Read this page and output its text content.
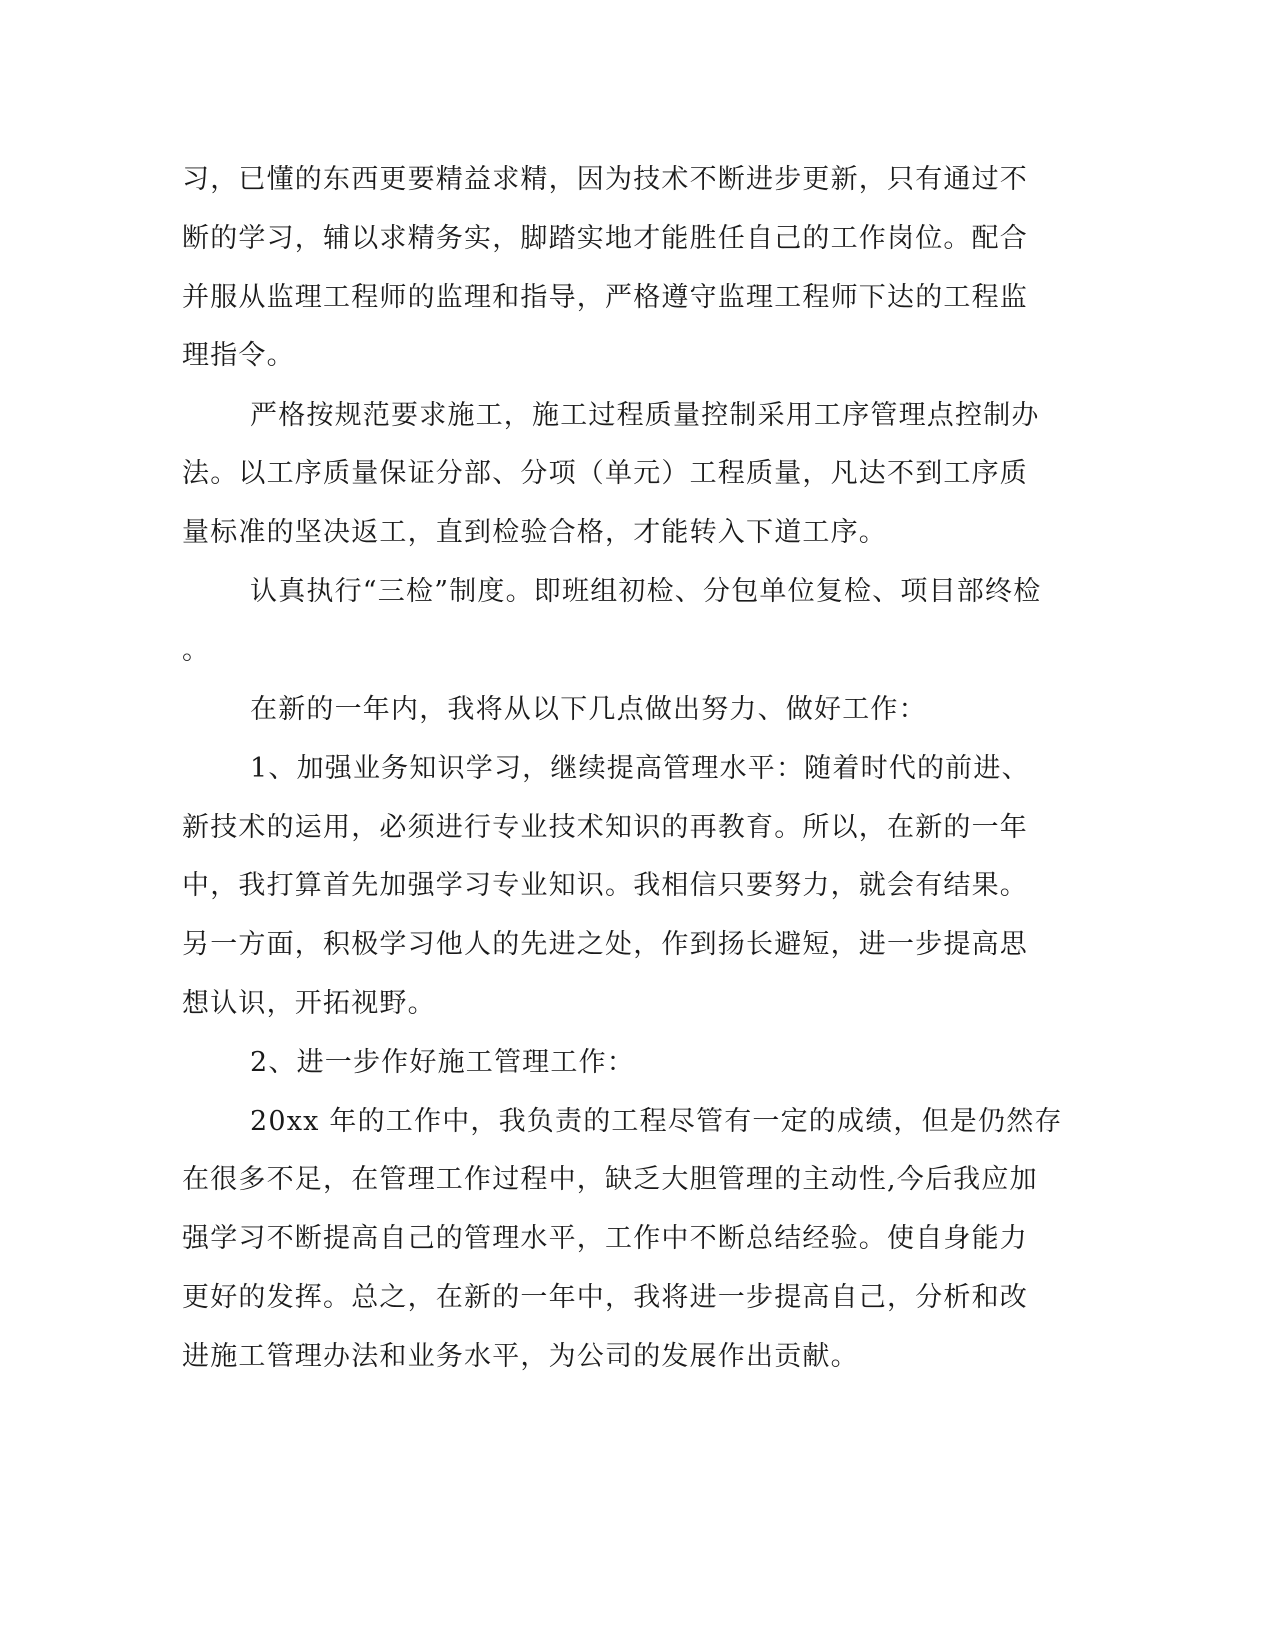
习，已懂的东西更要精益求精，因为技术不断进步更新，只有通过不
断的学习，辅以求精务实，脚踏实地才能胜任自己的工作岗位。配合
并服从监理工程师的监理和指导，严格遵守监理工程师下达的工程监
理指令。
严格按规范要求施工，施工过程质量控制采用工序管理点控制办
法。以工序质量保证分部、分项（单元）工程质量，凡达不到工序质
量标准的坚决返工，直到检验合格，才能转入下道工序。
认真执行“三检”制度。即班组初检、分包单位复检、项目部终检
。
在新的一年内，我将从以下几点做出努力、做好工作：
1、加强业务知识学习，继续提高管理水平：随着时代的前进、
新技术的运用，必须进行专业技术知识的再教育。所以，在新的一年
中，我打算首先加强学习专业知识。我相信只要努力，就会有结果。
另一方面，积极学习他人的先进之处，作到扬长避短，进一步提高思
想认识，开拓视野。
2、进一步作好施工管理工作：
20xx 年的工作中，我负责的工程尽管有一定的成绩，但是仍然存
在很多不足，在管理工作过程中，缺乏大胆管理的主动性,今后我应加
强学习不断提高自己的管理水平，工作中不断总结经验。使自身能力
更好的发挥。总之，在新的一年中，我将进一步提高自己，分析和改
进施工管理办法和业务水平，为公司的发展作出贡献。
